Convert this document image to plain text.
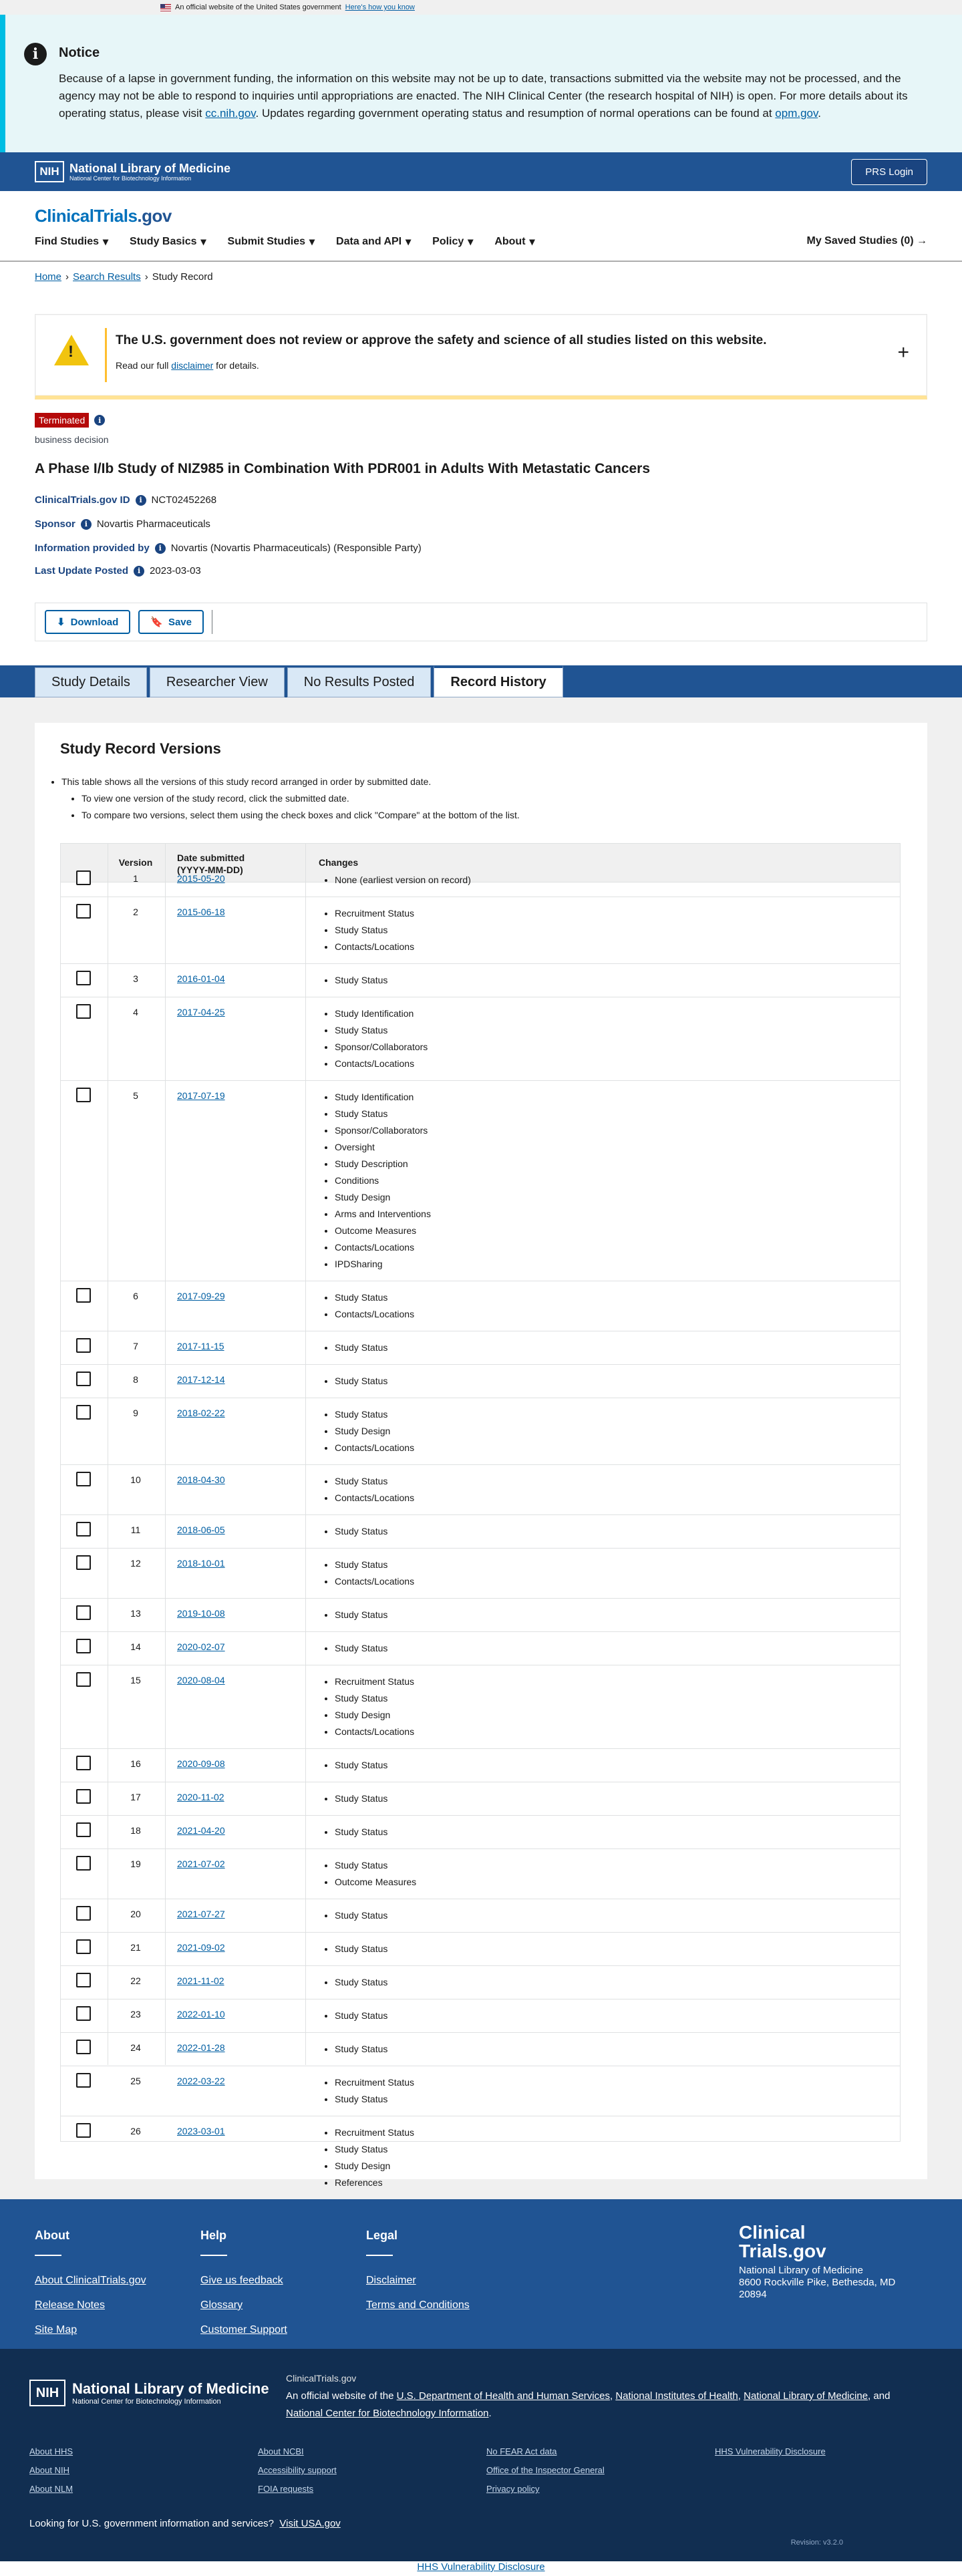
An official website of the United States government Here's how you know
i	Notice

Because of a lapse in government funding, the information on this website may not be up to date, transactions submitted via the website may not be processed, and the agency may not be able to respond to inquiries until appropriations are enacted. The NIH Clinical Center (the research hospital of NIH) is open. For more details about its operating status, please visit cc.nih.gov. Updates regarding government operating status and resumption of normal operations can be found at opm.gov.

NIH National Library of Medicine
National Center for Biotechnology Information
PRS Login
ClinicalTrials.gov
Find Studies ▾ Study Basics ▾ Submit Studies ▾ Data and API ▾ Policy ▾ About ▾	My Saved Studies (0) →
Home › Search Results › Study Record
!
The U.S. government does not review or approve the safety and science of all studies listed on this website.

Read our full disclaimer for details.

+
Terminated	i
business decision
A Phase I/Ib Study of NIZ985 in Combination With PDR001 in Adults With Metastatic Cancers
ClinicalTrials.gov ID	i NCT02452268
Sponsor	i Novartis Pharmaceuticals
Information provided by	i Novartis (Novartis Pharmaceuticals) (Responsible Party)
Last Update Posted	i 2023-03-03
⬇ Download	🔖 Save
Study Details	Researcher View	No Results Posted	Record History
Study Record Versions
• This table shows all the versions of this study record arranged in order by submitted date.
• To view one version of the study record, click the submitted date.
• To compare two versions, select them using the check boxes and click "Compare" at the bottom of the list.
Version	Date submitted (YYYY-MM-DD)
Changes
1	2015-05-20	• None (earliest version on record)
2	2015-06-18	• Recruitment Status
• Study Status
• Contacts/Locations
3	2016-01-04	• Study Status
4	2017-04-25	• Study Identification
• Study Status
• Sponsor/Collaborators
• Contacts/Locations
5	2017-07-19	• Study Identification
• Study Status
• Sponsor/Collaborators
• Oversight
• Study Description
• Conditions
• Study Design
• Arms and Interventions
• Outcome Measures
• Contacts/Locations
• IPDSharing
6	2017-09-29	• Study Status
• Contacts/Locations
7	2017-11-15	• Study Status
8	2017-12-14	• Study Status
9	2018-02-22	• Study Status
• Study Design
• Contacts/Locations
10	2018-04-30	• Study Status
• Contacts/Locations
11	2018-06-05	• Study Status
12	2018-10-01	• Study Status
• Contacts/Locations
13	2019-10-08	• Study Status
14	2020-02-07	• Study Status
15	2020-08-04	• Recruitment Status
• Study Status
• Study Design
• Contacts/Locations
16	2020-09-08	• Study Status
17	2020-11-02	• Study Status
18	2021-04-20	• Study Status
19	2021-07-02	• Study Status
• Outcome Measures
20	2021-07-27	• Study Status
21	2021-09-02	• Study Status
22	2021-11-02	• Study Status
23	2022-01-10	• Study Status
24	2022-01-28	• Study Status
25	2022-03-22	• Recruitment Status
• Study Status
26	2023-03-01	• Recruitment Status
• Study Status
• Study Design
• References
About
About ClinicalTrials.gov
Release Notes
Site Map
Help
Give us feedback
Glossary
Customer Support
Legal
Disclaimer
Terms and Conditions
Clinical
Trials.gov
National Library of Medicine
8600 Rockville Pike, Bethesda, MD
20894
NIH National Library of Medicine
National Center for Biotechnology Information
ClinicalTrials.gov
An official website of the U.S. Department of Health and Human Services, National Institutes of Health, National Library of Medicine, and National Center for Biotechnology Information.
About HHS
About NIH
About NLM
About NCBI
Accessibility support
FOIA requests
No FEAR Act data
Office of the Inspector General
Privacy policy
HHS Vulnerability Disclosure
Looking for U.S. government information and services? Visit USA.gov
Revision: v3.2.0
HHS Vulnerability Disclosure
